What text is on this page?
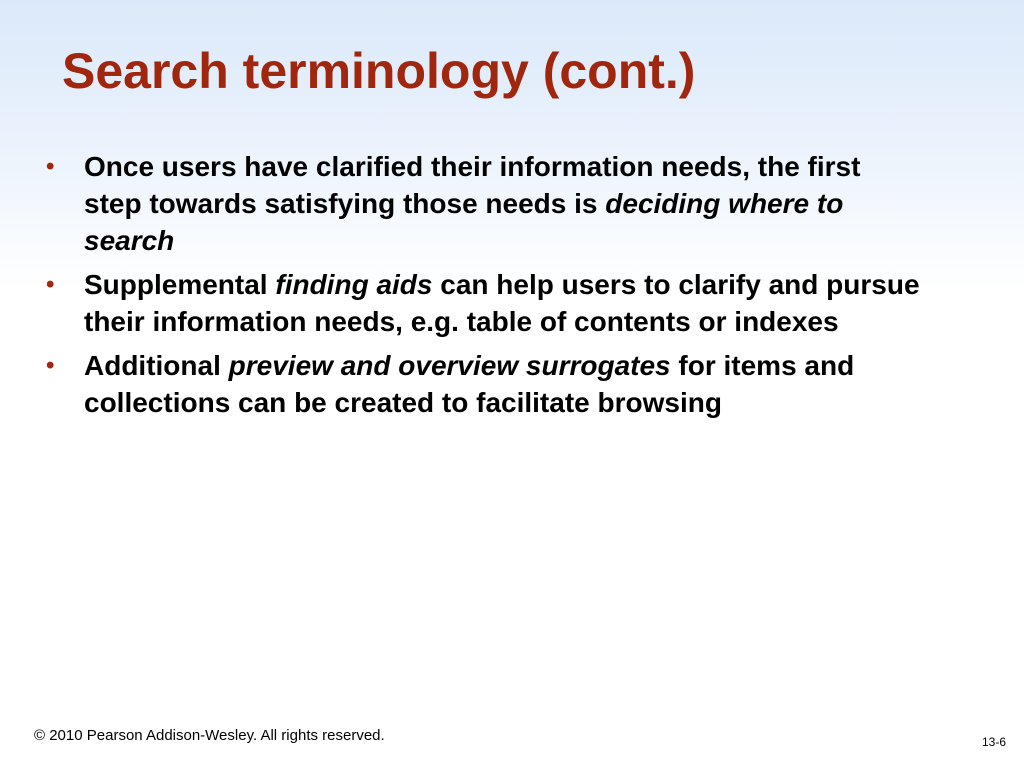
Search terminology (cont.)
• Once users have clarified their information needs, the first step towards satisfying those needs is deciding where to search
• Supplemental finding aids can help users to clarify and pursue their information needs, e.g. table of contents or indexes
• Additional preview and overview surrogates for items and collections can be created to facilitate browsing
© 2010 Pearson Addison-Wesley. All rights reserved.	13-6
